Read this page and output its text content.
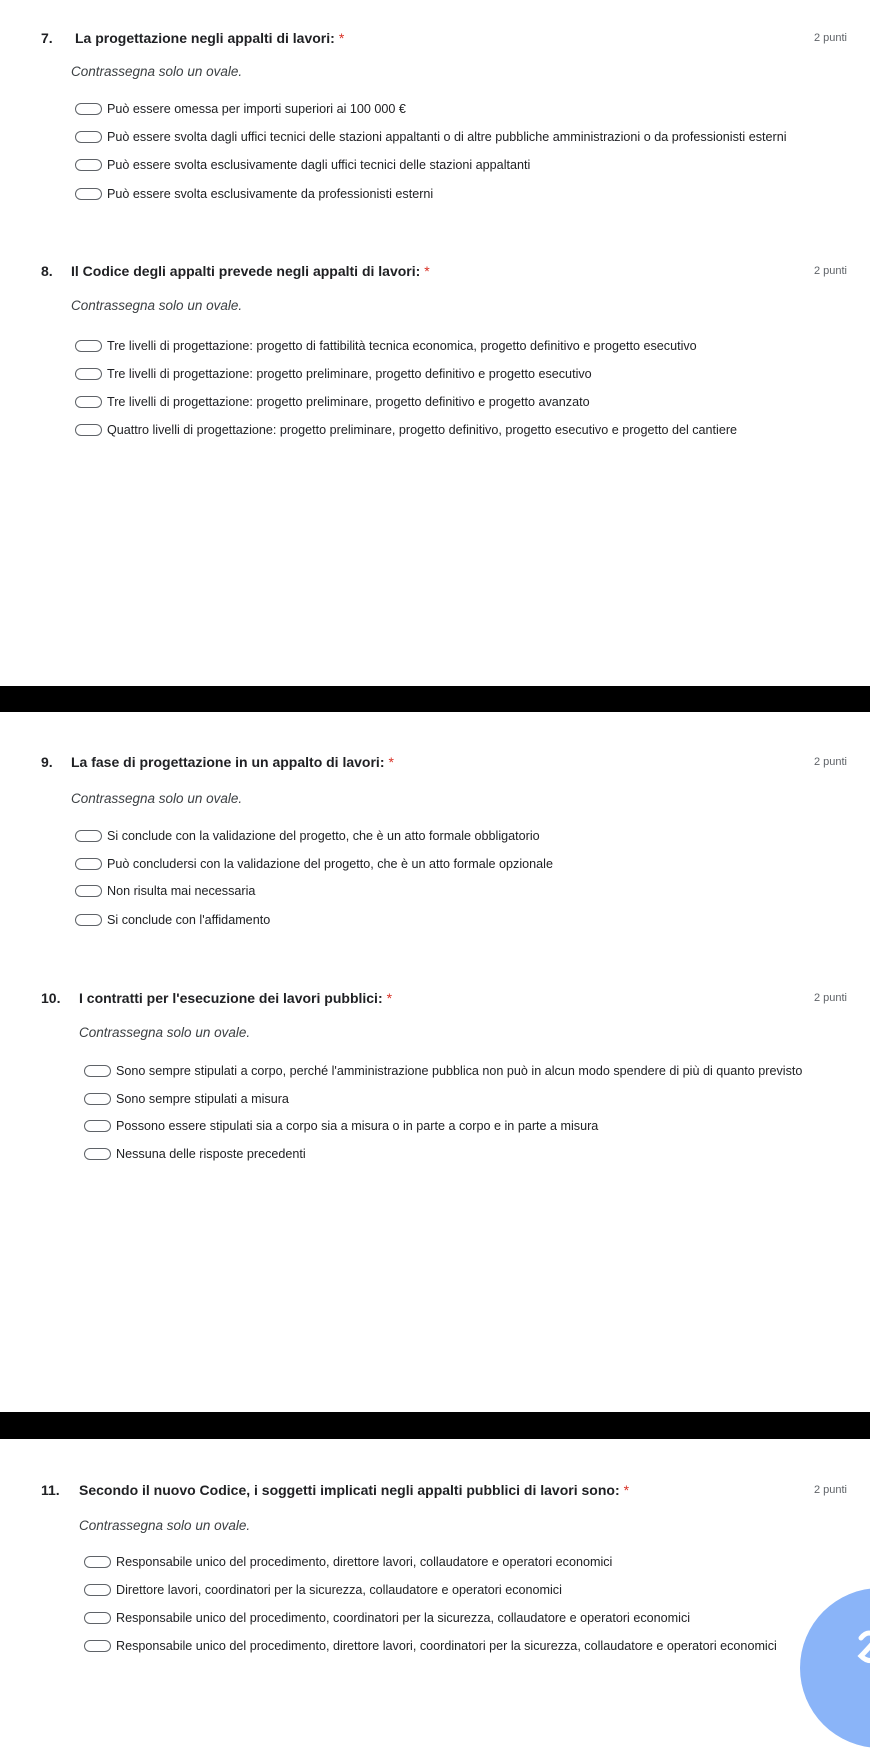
7. La progettazione negli appalti di lavori: *	2 punti
Contrassegna solo un ovale.
Può essere omessa per importi superiori ai 100 000 €
Può essere svolta dagli uffici tecnici delle stazioni appaltanti o di altre pubbliche amministrazioni o da professionisti esterni
Può essere svolta esclusivamente dagli uffici tecnici delle stazioni appaltanti
Può essere svolta esclusivamente da professionisti esterni
8. Il Codice degli appalti prevede negli appalti di lavori: *	2 punti
Contrassegna solo un ovale.
Tre livelli di progettazione: progetto di fattibilità tecnica economica, progetto definitivo e progetto esecutivo
Tre livelli di progettazione: progetto preliminare, progetto definitivo e progetto esecutivo
Tre livelli di progettazione: progetto preliminare, progetto definitivo e progetto avanzato
Quattro livelli di progettazione: progetto preliminare, progetto definitivo, progetto esecutivo e progetto del cantiere
9. La fase di progettazione in un appalto di lavori: *	2 punti
Contrassegna solo un ovale.
Si conclude con la validazione del progetto, che è un atto formale obbligatorio
Può concludersi con la validazione del progetto, che è un atto formale opzionale
Non risulta mai necessaria
Si conclude con l'affidamento
10. I contratti per l'esecuzione dei lavori pubblici: *	2 punti
Contrassegna solo un ovale.
Sono sempre stipulati a corpo, perché l'amministrazione pubblica non può in alcun modo spendere di più di quanto previsto
Sono sempre stipulati a misura
Possono essere stipulati sia a corpo sia a misura o in parte a corpo e in parte a misura
Nessuna delle risposte precedenti
11. Secondo il nuovo Codice, i soggetti implicati negli appalti pubblici di lavori sono: *	2 punti
Contrassegna solo un ovale.
Responsabile unico del procedimento, direttore lavori, collaudatore e operatori economici
Direttore lavori, coordinatori per la sicurezza, collaudatore e operatori economici
Responsabile unico del procedimento, coordinatori per la sicurezza, collaudatore e operatori economici
Responsabile unico del procedimento, direttore lavori, coordinatori per la sicurezza, collaudatore e operatori economici
